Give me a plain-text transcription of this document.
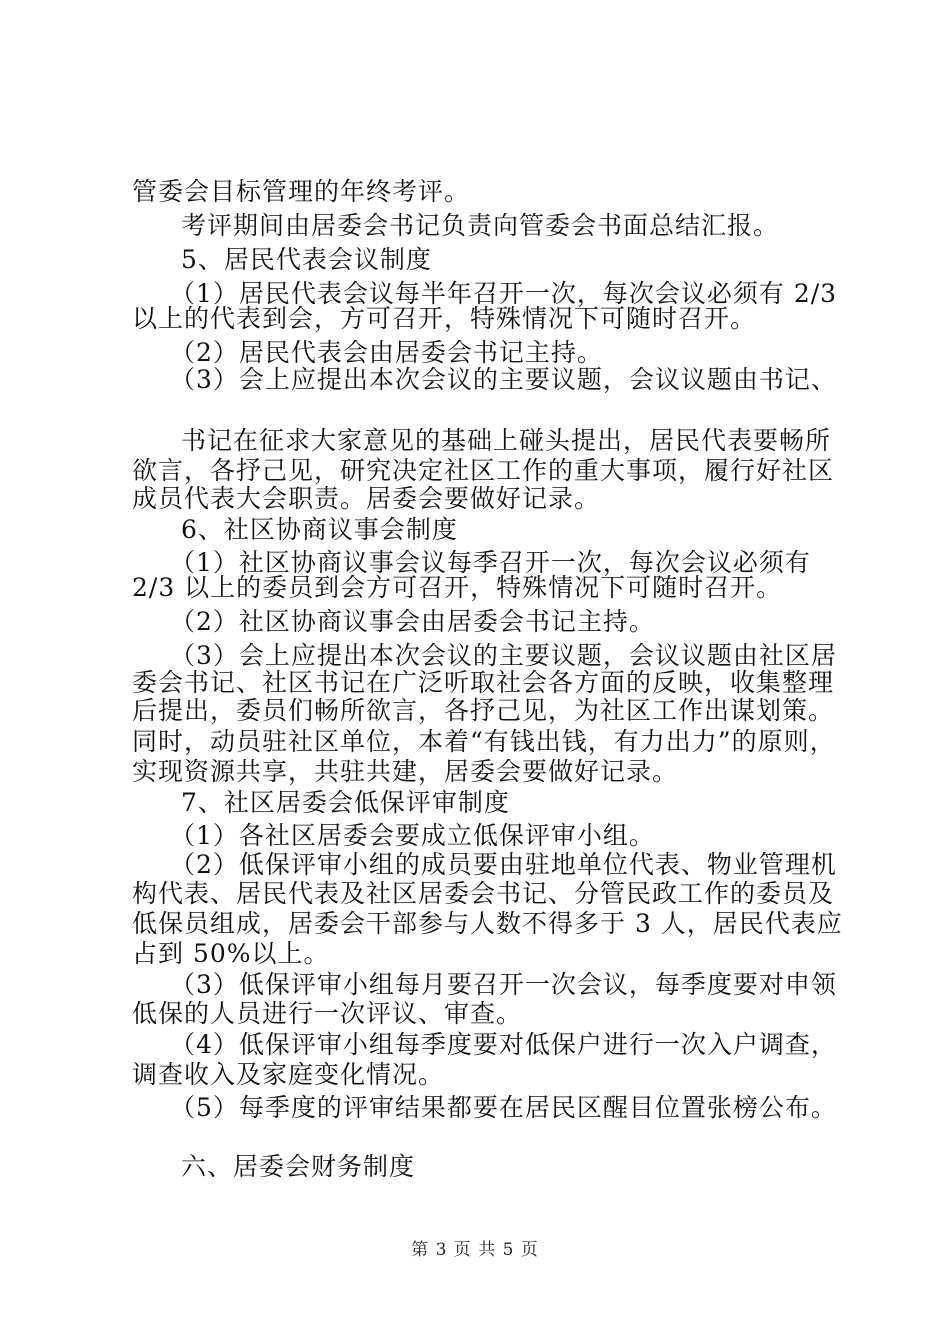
管委会目标管理的年终考评。
考评期间由居委会书记负责向管委会书面总结汇报。
5、居民代表会议制度
（1）居民代表会议每半年召开一次，每次会议必须有 2/3
以上的代表到会，方可召开，特殊情况下可随时召开。
（2）居民代表会由居委会书记主持。
（3）会上应提出本次会议的主要议题，会议议题由书记、
书记在征求大家意见的基础上碰头提出，居民代表要畅所
欲言，各抒己见，研究决定社区工作的重大事项，履行好社区
成员代表大会职责。居委会要做好记录。
6、社区协商议事会制度
（1）社区协商议事会议每季召开一次，每次会议必须有
2/3 以上的委员到会方可召开，特殊情况下可随时召开。
（2）社区协商议事会由居委会书记主持。
（3）会上应提出本次会议的主要议题，会议议题由社区居
委会书记、社区书记在广泛听取社会各方面的反映，收集整理
后提出，委员们畅所欲言，各抒己见，为社区工作出谋划策。
同时，动员驻社区单位，本着“有钱出钱，有力出力”的原则，
实现资源共享，共驻共建，居委会要做好记录。
7、社区居委会低保评审制度
（1）各社区居委会要成立低保评审小组。
（2）低保评审小组的成员要由驻地单位代表、物业管理机
构代表、居民代表及社区居委会书记、分管民政工作的委员及
低保员组成，居委会干部参与人数不得多于 3 人，居民代表应
占到 50%以上。
（3）低保评审小组每月要召开一次会议，每季度要对申领
低保的人员进行一次评议、审查。
（4）低保评审小组每季度要对低保户进行一次入户调查，
调查收入及家庭变化情况。
（5）每季度的评审结果都要在居民区醒目位置张榜公布。
六、居委会财务制度
第 3 页 共 5 页
